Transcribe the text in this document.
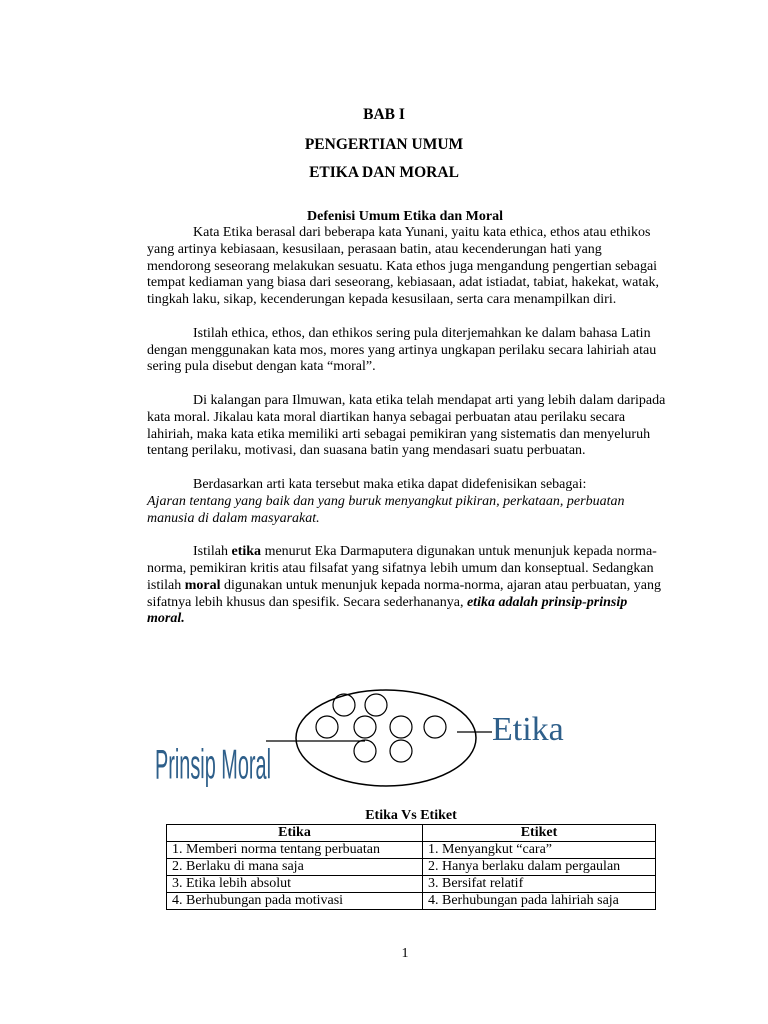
BAB I
PENGERTIAN UMUM
ETIKA DAN MORAL
Defenisi Umum Etika dan Moral

Kata Etika berasal dari beberapa kata Yunani, yaitu kata ethica, ethos atau ethikos yang artinya kebiasaan, kesusilaan, perasaan batin, atau kecenderungan hati yang mendorong seseorang melakukan sesuatu. Kata ethos juga mengandung pengertian sebagai tempat kediaman yang biasa dari seseorang, kebiasaan, adat istiadat, tabiat, hakekat, watak, tingkah laku, sikap, kecenderungan kepada kesusilaan, serta cara menampilkan diri.

Istilah ethica, ethos, dan ethikos sering pula diterjemahkan ke dalam bahasa Latin dengan menggunakan kata mos, mores yang artinya ungkapan perilaku secara lahiriah atau sering pula disebut dengan kata “moral”.

Di kalangan para Ilmuwan, kata etika telah mendapat arti yang lebih dalam daripada kata moral. Jikalau kata moral diartikan hanya sebagai perbuatan atau perilaku secara lahiriah, maka kata etika memiliki arti sebagai pemikiran yang sistematis dan menyeluruh tentang perilaku, motivasi, dan suasana batin yang mendasari suatu perbuatan.

Berdasarkan arti kata tersebut maka etika dapat didefenisikan sebagai:

Ajaran tentang yang baik dan yang buruk menyangkut pikiran, perkataan, perbuatan manusia di dalam masyarakat.

Istilah etika menurut Eka Darmaputera digunakan untuk menunjuk kepada norma-norma, pemikiran kritis atau filsafat yang sifatnya lebih umum dan konseptual. Sedangkan istilah moral digunakan untuk menunjuk kepada norma-norma, ajaran atau perbuatan, yang sifatnya lebih khusus dan spesifik. Secara sederhananya, etika adalah prinsip-prinsip moral.

Etika
Prinsip Moral
Etika Vs Etiket
Etika	Etiket
1. Memberi norma tentang perbuatan	1. Menyangkut “cara”
2. Berlaku di mana saja	2. Hanya berlaku dalam pergaulan
3. Etika lebih absolut	3. Bersifat relatif
4. Berhubungan pada motivasi	4. Berhubungan pada lahiriah saja
1
